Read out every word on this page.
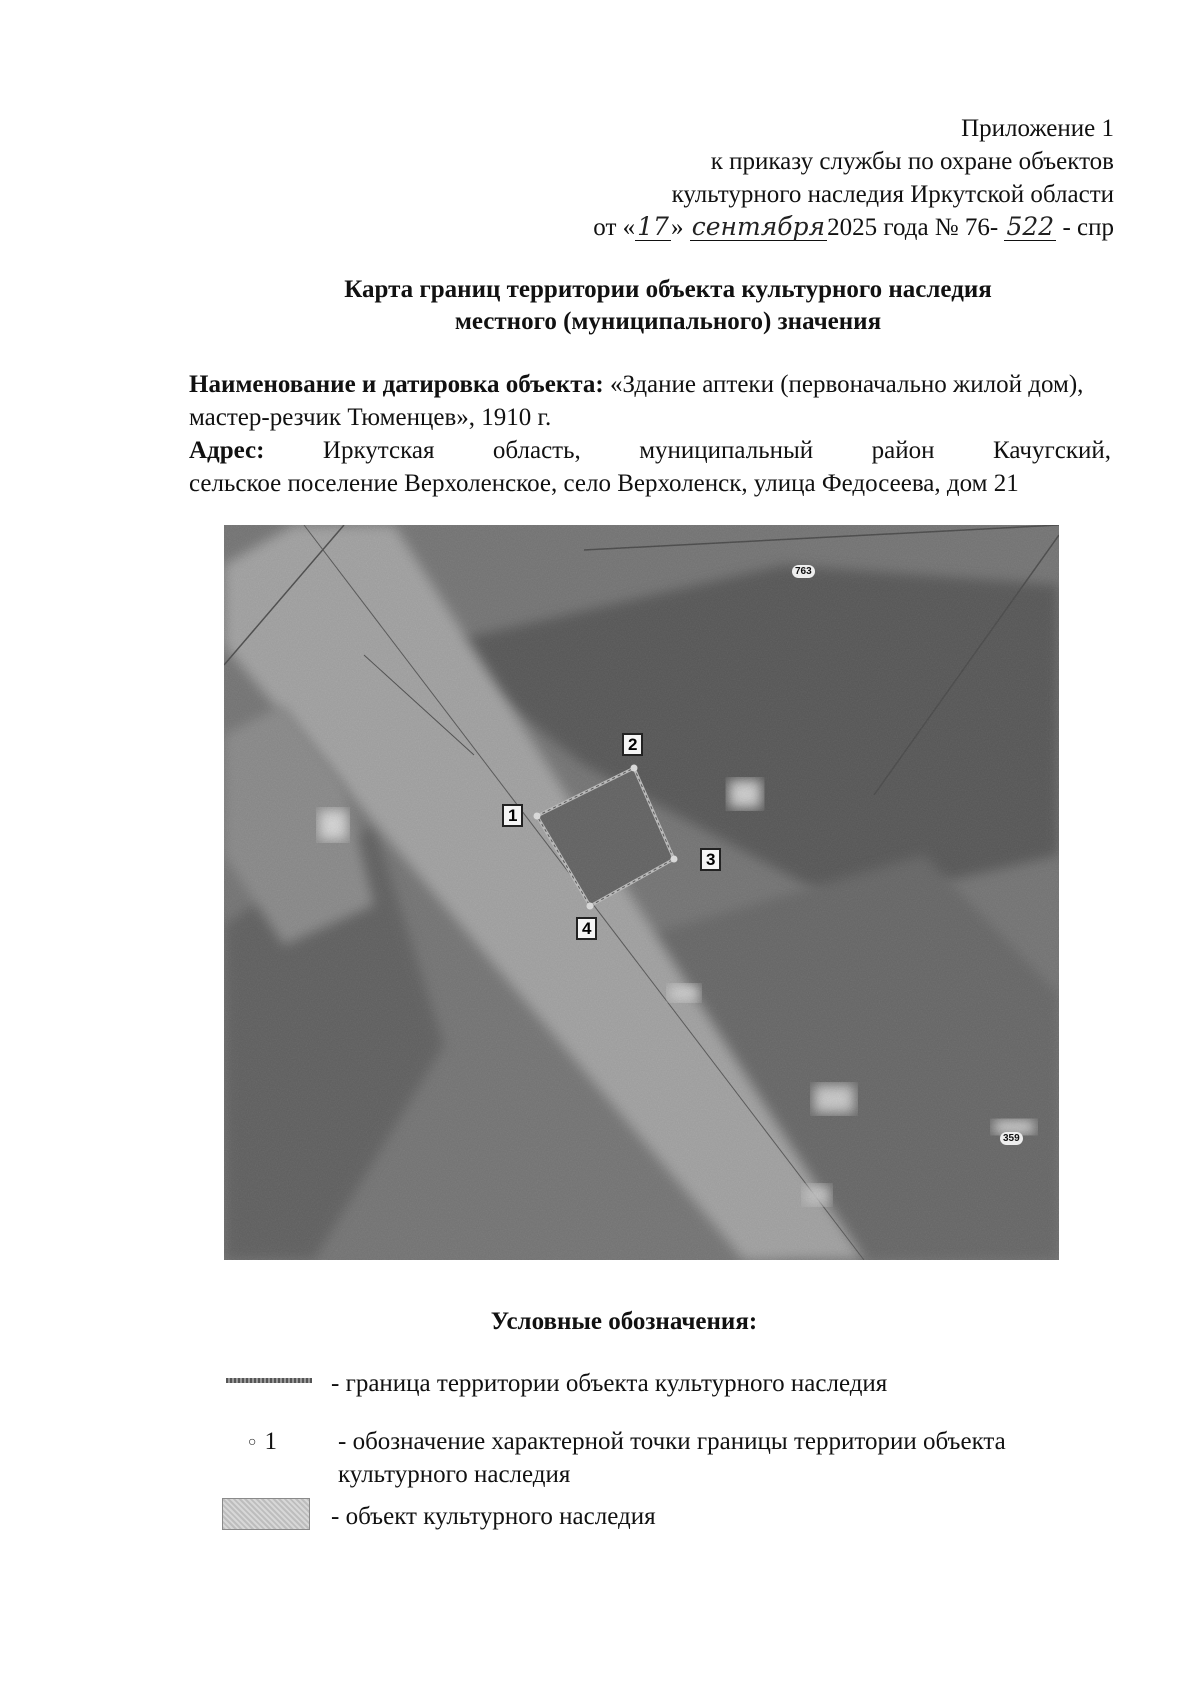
Приложение 1
к приказу службы по охране объектов
культурного наследия Иркутской области
от «17» сентября2025 года № 76- 522 - спр
Карта границ территории объекта культурного наследия
местного (муниципального) значения
Наименование и датировка объекта: «Здание аптеки (первоначально жилой дом), мастер-резчик Тюменцев», 1910 г.
Адрес: Иркутская область, муниципальный район Качугский,
сельское поселение Верхоленское, село Верхоленск, улица Федосеева, дом 21
1
2
3
4
763
359
Условные обозначения:
- граница территории объекта культурного наследия
○ 1 - обозначение характерной точки границы территории объекта культурного наследия
- объект культурного наследия
